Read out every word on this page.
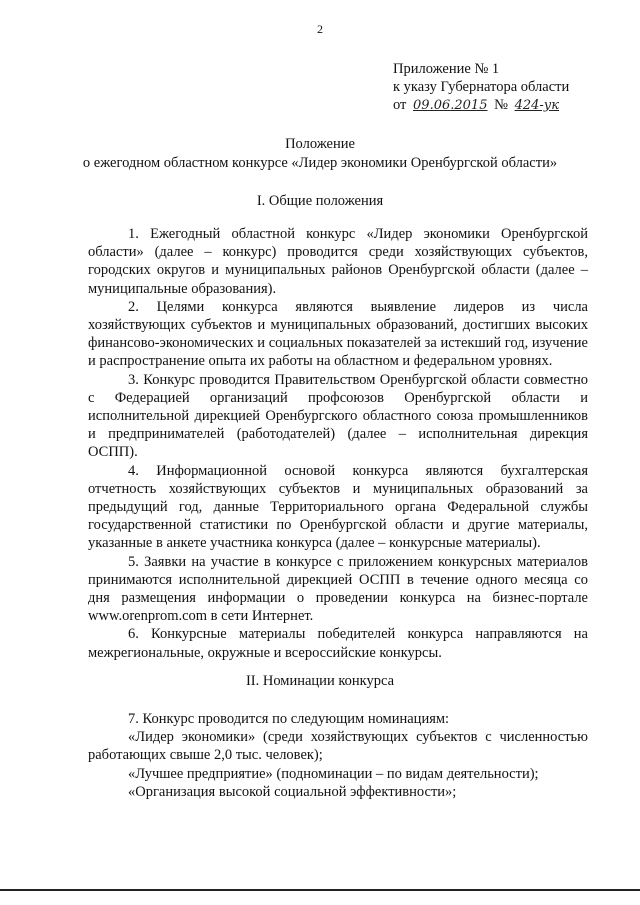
2
Приложение № 1
к указу Губернатора области
от 09.06.2015 № 424-ук
Положение
о ежегодном областном конкурсе «Лидер экономики Оренбургской области»
I. Общие положения

1. Ежегодный областной конкурс «Лидер экономики Оренбургской области» (далее – конкурс) проводится среди хозяйствующих субъектов, городских округов и муниципальных районов Оренбургской области (далее – муниципальные образования).

2. Целями конкурса являются выявление лидеров из числа хозяйствующих субъектов и муниципальных образований, достигших высоких финансово-экономических и социальных показателей за истекший год, изучение и распространение опыта их работы на областном и федеральном уровнях.

3. Конкурс проводится Правительством Оренбургской области совместно с Федерацией организаций профсоюзов Оренбургской области и исполнительной дирекцией Оренбургского областного союза промышленников и предпринимателей (работодателей) (далее – исполнительная дирекция ОСПП).

4. Информационной основой конкурса являются бухгалтерская отчетность хозяйствующих субъектов и муниципальных образований за предыдущий год, данные Территориального органа Федеральной службы государственной статистики по Оренбургской области и другие материалы, указанные в анкете участника конкурса (далее – конкурсные материалы).

5. Заявки на участие в конкурсе с приложением конкурсных материалов принимаются исполнительной дирекцией ОСПП в течение одного месяца со дня размещения информации о проведении конкурса на бизнес-портале www.orenprom.com в сети Интернет.

6. Конкурсные материалы победителей конкурса направляются на межрегиональные, окружные и всероссийские конкурсы.

II. Номинации конкурса

7. Конкурс проводится по следующим номинациям:

«Лидер экономики» (среди хозяйствующих субъектов с численностью работающих свыше 2,0 тыс. человек);

«Лучшее предприятие» (подноминации – по видам деятельности);

«Организация высокой социальной эффективности»;
